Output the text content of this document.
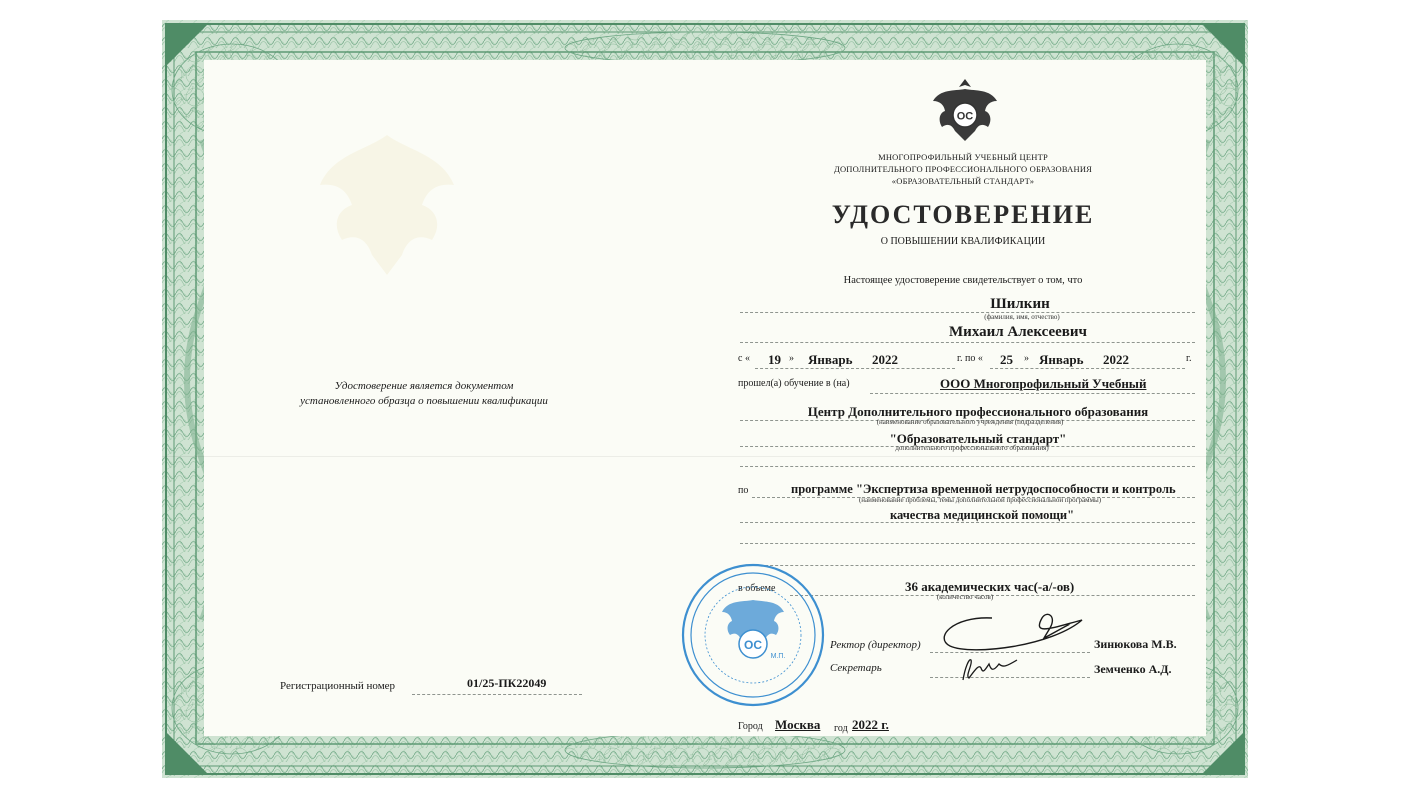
Удостоверение является документом
установленного образца о повышении квалификации
Регистрационный номер	01/25-ПК22049
ОС
МНОГОПРОФИЛЬНЫЙ УЧЕБНЫЙ ЦЕНТР
ДОПОЛНИТЕЛЬНОГО ПРОФЕССИОНАЛЬНОГО ОБРАЗОВАНИЯ
«ОБРАЗОВАТЕЛЬНЫЙ СТАНДАРТ»
УДОСТОВЕРЕНИЕ
О ПОВЫШЕНИИ КВАЛИФИКАЦИИ
Настоящее удостоверение свидетельствует о том, что
Шилкин
(фамилия, имя, отчество)
Михаил Алексеевич
с « 19 » Январь 2022	г. по « 25 » Январь 2022	г.
прошел(а) обучение в (на)	ООО Многопрофильный Учебный
Центр Дополнительного профессионального образования
(наименование образовательного учреждения (подразделения)
"Образовательный стандарт"
дополнительного профессионального образования)
по	программе "Экспертиза временной нетрудоспособности и контроль
(наименование проблемы, темы дополнительной профессиональной программы)
качества медицинской помощи"
в объеме	36 академических час(-а/-ов)
(количество часов)
Ректор (директор)	Зинюкова М.В.
Секретарь	Земченко А.Д.
ОС
М.П.
Город Москва год 2022 г.
